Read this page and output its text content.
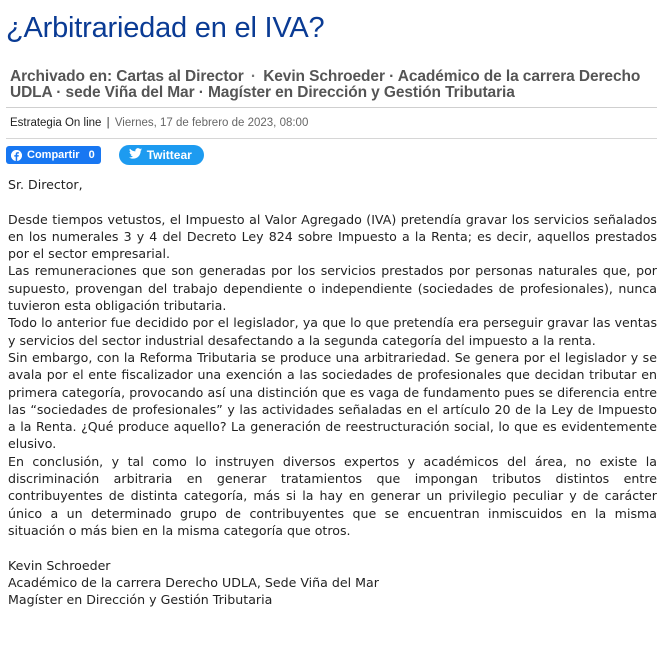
¿Arbitrariedad en el IVA?
Archivado en: Cartas al Director · Kevin Schroeder · Académico de la carrera Derecho UDLA · sede Viña del Mar · Magíster en Dirección y Gestión Tributaria
Estrategia On line | Viernes, 17 de febrero de 2023, 08:00
Compartir 0	Twittear

Sr. Director,

Desde tiempos vetustos, el Impuesto al Valor Agregado (IVA) pretendía gravar los servicios señalados en los numerales 3 y 4 del Decreto Ley 824 sobre Impuesto a la Renta; es decir, aquellos prestados por el sector empresarial.

Las remuneraciones que son generadas por los servicios prestados por personas naturales que, por supuesto, provengan del trabajo dependiente o independiente (sociedades de profesionales), nunca tuvieron esta obligación tributaria.

Todo lo anterior fue decidido por el legislador, ya que lo que pretendía era perseguir gravar las ventas y servicios del sector industrial desafectando a la segunda categoría del impuesto a la renta.

Sin embargo, con la Reforma Tributaria se produce una arbitrariedad. Se genera por el legislador y se avala por el ente fiscalizador una exención a las sociedades de profesionales que decidan tributar en primera categoría, provocando así una distinción que es vaga de fundamento pues se diferencia entre las “sociedades de profesionales” y las actividades señaladas en el artículo 20 de la Ley de Impuesto a la Renta. ¿Qué produce aquello? La generación de reestructuración social, lo que es evidentemente elusivo.

En conclusión, y tal como lo instruyen diversos expertos y académicos del área, no existe la discriminación arbitraria en generar tratamientos que impongan tributos distintos entre contribuyentes de distinta categoría, más si la hay en generar un privilegio peculiar y de carácter único a un determinado grupo de contribuyentes que se encuentran inmiscuidos en la misma situación o más bien en la misma categoría que otros.

Kevin Schroeder

Académico de la carrera Derecho UDLA, Sede Viña del Mar

Magíster en Dirección y Gestión Tributaria
